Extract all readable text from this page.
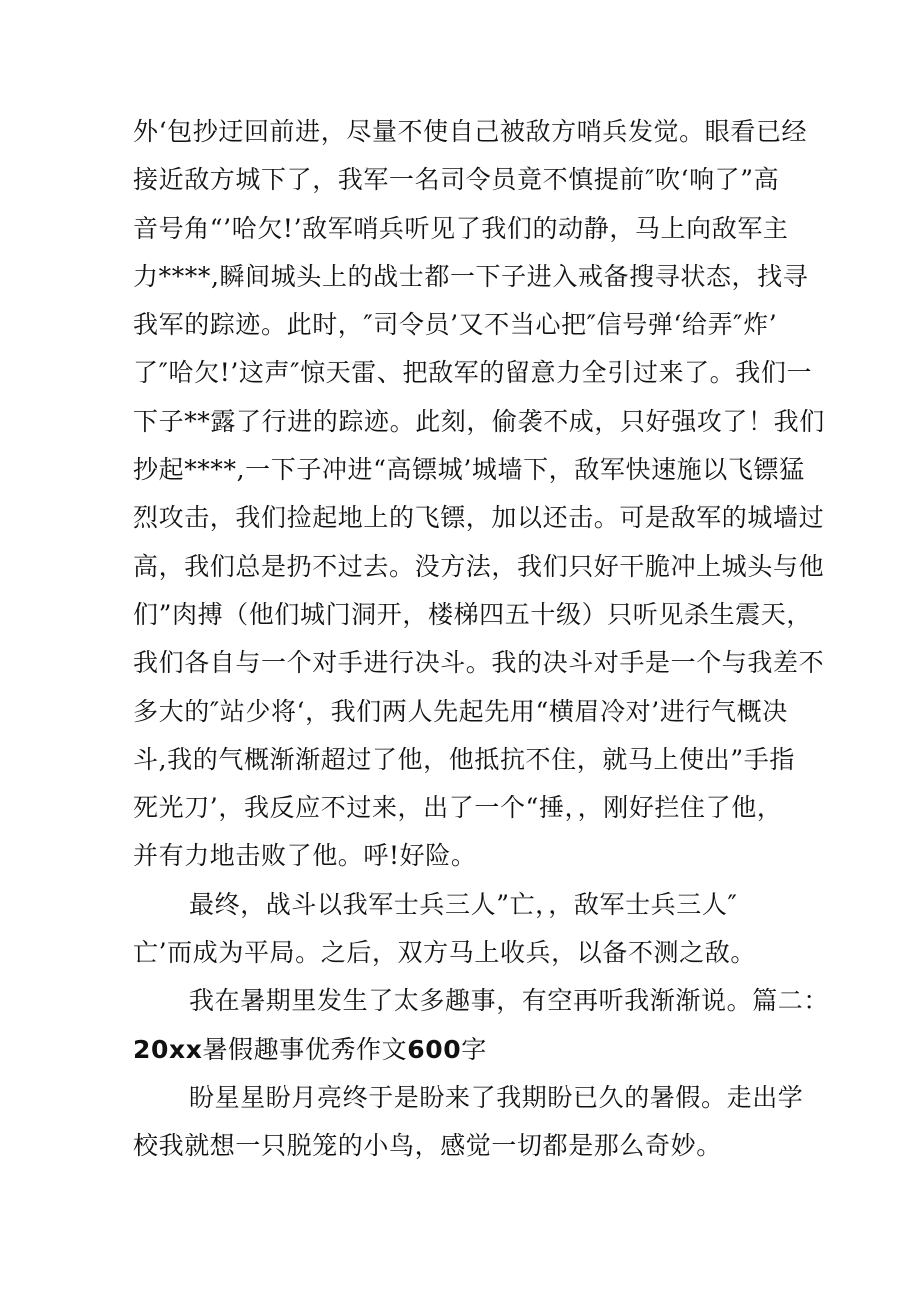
外‘包抄迂回前进，尽量不使自己被敌方哨兵发觉。眼看已经
接近敌方城下了，我军一名司令员竟不慎提前″吹‘响了”高
音号角“’哈欠!’敌军哨兵听见了我们的动静，马上向敌军主
力****,瞬间城头上的战士都一下子进入戒备搜寻状态，找寻
我军的踪迹。此时，″司令员’又不当心把″信号弹‘给弄″炸’
了″哈欠!’这声″惊天雷、把敌军的留意力全引过来了。我们一
下子**露了行进的踪迹。此刻，偷袭不成，只好强攻了！我们
抄起****,一下子冲进“高镖城’城墙下，敌军快速施以飞镖猛
烈攻击，我们捡起地上的飞镖，加以还击。可是敌军的城墙过
高，我们总是扔不过去。没方法，我们只好干脆冲上城头与他
们”肉搏（他们城门洞开，楼梯四五十级）只听见杀生震天，
我们各自与一个对手进行决斗。我的决斗对手是一个与我差不
多大的″站少将‘，我们两人先起先用“横眉冷对’进行气概决
斗,我的气概渐渐超过了他，他抵抗不住，就马上使出”手指
死光刀’，我反应不过来，出了一个“捶，，刚好拦住了他，
并有力地击败了他。呼!好险。
最终，战斗以我军士兵三人”亡，，敌军士兵三人″
亡’而成为平局。之后，双方马上收兵，以备不测之敌。
我在暑期里发生了太多趣事，有空再听我渐渐说。篇二：
20xx暑假趣事优秀作文600字
盼星星盼月亮终于是盼来了我期盼已久的暑假。走出学
校我就想一只脱笼的小鸟，感觉一切都是那么奇妙。
